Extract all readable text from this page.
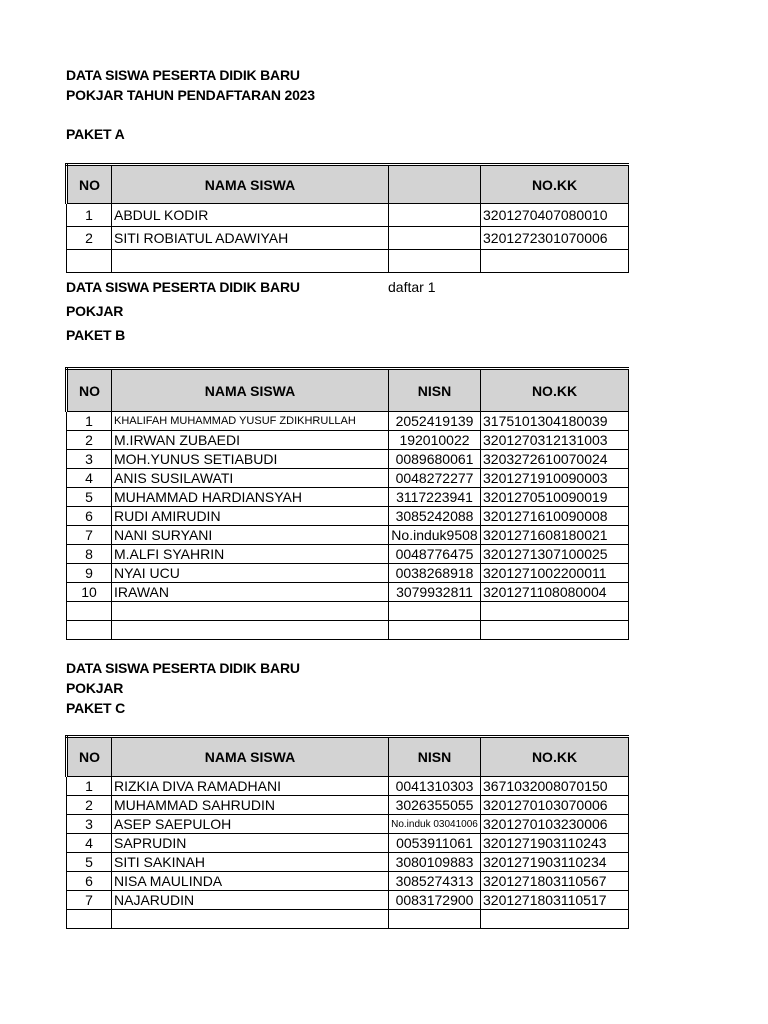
DATA SISWA PESERTA DIDIK BARU
POKJAR TAHUN PENDAFTARAN 2023
PAKET A
NO	NAMA SISWA		NO.KK
1	ABDUL KODIR		3201270407080010
2	SITI ROBIATUL ADAWIYAH		3201272301070006

DATA SISWA PESERTA DIDIK BARU	daftar 1
POKJAR
PAKET B
NO	NAMA SISWA	NISN	NO.KK
1	KHALIFAH MUHAMMAD YUSUF ZDIKHRULLAH	2052419139	3175101304180039
2	M.IRWAN ZUBAEDI	192010022	3201270312131003
3	MOH.YUNUS SETIABUDI	0089680061	3203272610070024
4	ANIS SUSILAWATI	0048272277	3201271910090003
5	MUHAMMAD HARDIANSYAH	3117223941	3201270510090019
6	RUDI AMIRUDIN	3085242088	3201271610090008
7	NANI SURYANI	No.induk9508	3201271608180021
8	M.ALFI SYAHRIN	0048776475	3201271307100025
9	NYAI UCU	0038268918	3201271002200011
10	IRAWAN	3079932811	3201271108080004

DATA SISWA PESERTA DIDIK BARU
POKJAR
PAKET C
NO	NAMA SISWA	NISN	NO.KK
1	RIZKIA DIVA RAMADHANI	0041310303	3671032008070150
2	MUHAMMAD SAHRUDIN	3026355055	3201270103070006
3	ASEP SAEPULOH	No.induk 03041006	3201270103230006
4	SAPRUDIN	0053911061	3201271903110243
5	SITI SAKINAH	3080109883	3201271903110234
6	NISA MAULINDA	3085274313	3201271803110567
7	NAJARUDIN	0083172900	3201271803110517
